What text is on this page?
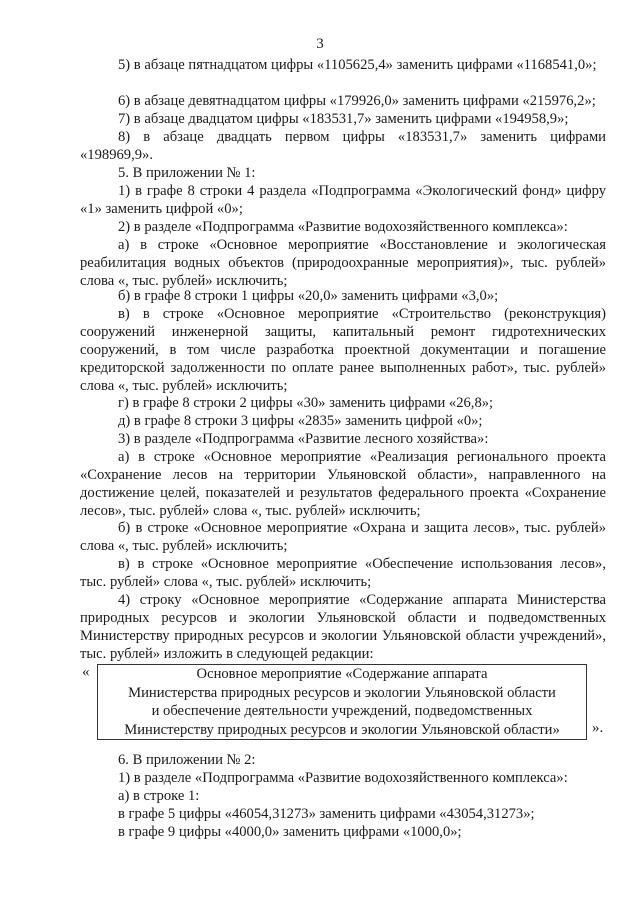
3

5) в абзаце пятнадцатом цифры «1105625,4» заменить цифрами «1168541,0»;

6) в абзаце девятнадцатом цифры «179926,0» заменить цифрами «215976,2»;

7) в абзаце двадцатом цифры «183531,7» заменить цифрами «194958,9»;

8) в абзаце двадцать первом цифры «183531,7» заменить цифрами «198969,9».

5. В приложении № 1:

1) в графе 8 строки 4 раздела «Подпрограмма «Экологический фонд» цифру «1» заменить цифрой «0»;

2) в разделе «Подпрограмма «Развитие водохозяйственного комплекса»:

а) в строке «Основное мероприятие «Восстановление и экологическая реабилитация водных объектов (природоохранные мероприятия)», тыс. рублей» слова «, тыс. рублей» исключить;

б) в графе 8 строки 1 цифры «20,0» заменить цифрами «3,0»;

в) в строке «Основное мероприятие «Строительство (реконструкция) сооружений инженерной защиты, капитальный ремонт гидротехнических сооружений, в том числе разработка проектной документации и погашение кредиторской задолженности по оплате ранее выполненных работ», тыс. рублей» слова «, тыс. рублей» исключить;

г) в графе 8 строки 2 цифры «30» заменить цифрами «26,8»;

д) в графе 8 строки 3 цифры «2835» заменить цифрой «0»;

3) в разделе «Подпрограмма «Развитие лесного хозяйства»:

а) в строке «Основное мероприятие «Реализация регионального проекта «Сохранение лесов на территории Ульяновской области», направленного на достижение целей, показателей и результатов федерального проекта «Сохранение лесов», тыс. рублей» слова «, тыс. рублей» исключить;

б) в строке «Основное мероприятие «Охрана и защита лесов», тыс. рублей» слова «, тыс. рублей» исключить;

в) в строке «Основное мероприятие «Обеспечение использования лесов», тыс. рублей» слова «, тыс. рублей» исключить;

4) строку «Основное мероприятие «Содержание аппарата Министерства природных ресурсов и экологии Ульяновской области и подведомственных Министерству природных ресурсов и экологии Ульяновской области учреждений», тыс. рублей» изложить в следующей редакции:

«	Основное мероприятие «Содержание аппарата
Министерства природных ресурсов и экологии Ульяновской области
и обеспечение деятельности учреждений, подведомственных
Министерству природных ресурсов и экологии Ульяновской области»	».

6. В приложении № 2:

1) в разделе «Подпрограмма «Развитие водохозяйственного комплекса»:

а) в строке 1:

в графе 5 цифры «46054,31273» заменить цифрами «43054,31273»;

в графе 9 цифры «4000,0» заменить цифрами «1000,0»;
